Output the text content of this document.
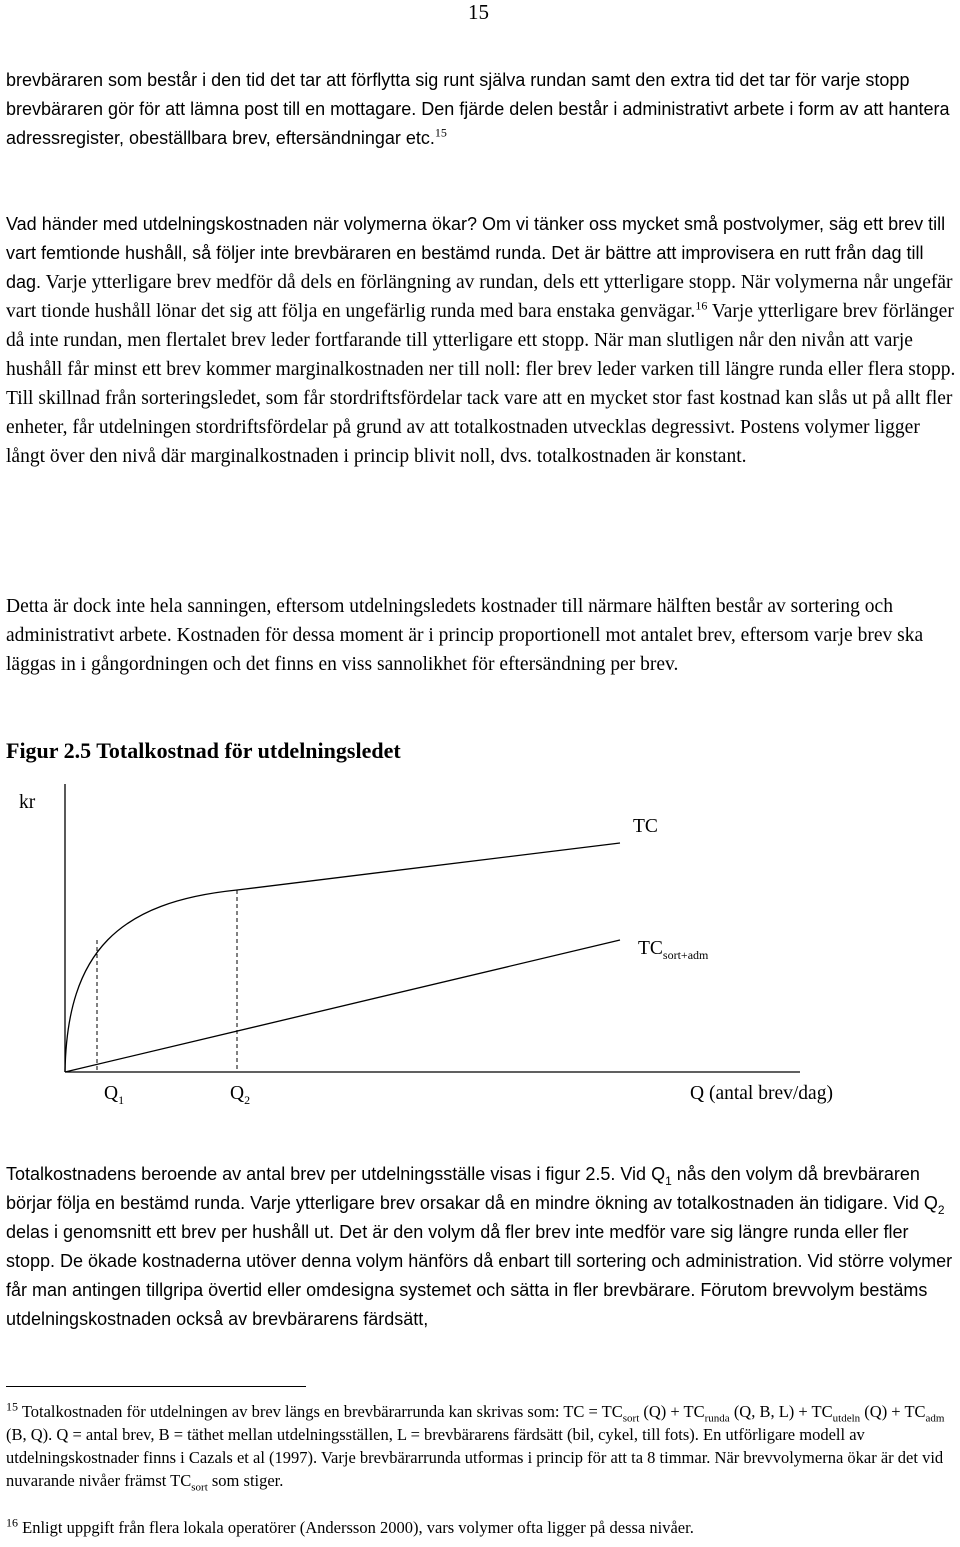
15

brevbäraren som består i den tid det tar att förflytta sig runt själva rundan samt den extra tid det tar för varje stopp brevbäraren gör för att lämna post till en mottagare. Den fjärde delen består i administrativt arbete i form av att hantera adressregister, obeställbara brev, eftersändningar etc.$^{15}$

Vad händer med utdelningskostnaden när volymerna ökar? Om vi tänker oss mycket små postvolymer, säg ett brev till vart femtionde hushåll, så följer inte brevbäraren en bestämd runda. Det är bättre att improvisera en rutt från dag till dag. Varje ytterligare brev medför då dels en förlängning av rundan, dels ett ytterligare stopp. När volymerna når ungefär vart tionde hushåll lönar det sig att följa en ungefärlig runda med bara enstaka genvägar.$^{16}$ Varje ytterligare brev förlänger då inte rundan, men flertalet brev leder fortfarande till ytterligare ett stopp. När man slutligen når den nivån att varje hushåll får minst ett brev kommer marginalkostnaden ner till noll: fler brev leder varken till längre runda eller flera stopp. Till skillnad från sorteringsledet, som får stordriftsfördelar tack vare att en mycket stor fast kostnad kan slås ut på allt fler enheter, får utdelningen stordriftsfördelar på grund av att totalkostnaden utvecklas degressivt. Postens volymer ligger långt över den nivå där marginalkostnaden i princip blivit noll, dvs. totalkostnaden är konstant.

Detta är dock inte hela sanningen, eftersom utdelningsledets kostnader till närmare hälften består av sortering och administrativt arbete. Kostnaden för dessa moment är i princip proportionell mot antalet brev, eftersom varje brev ska läggas in i gångordningen och det finns en viss sannolikhet för eftersändning per brev.

Figur 2.5 Totalkostnad för utdelningsledet
kr
TC
$TC_{sort+adm}$
$Q_1$	$Q_2$	Q (antal brev/dag)

Totalkostnadens beroende av antal brev per utdelningsställe visas i figur 2.5. Vid $Q_1$ nås den volym då brevbäraren börjar följa en bestämd runda. Varje ytterligare brev orsakar då en mindre ökning av totalkostnaden än tidigare. Vid $Q_2$ delas i genomsnitt ett brev per hushåll ut. Det är den volym då fler brev inte medför vare sig längre runda eller fler stopp. De ökade kostnaderna utöver denna volym hänförs då enbart till sortering och administration. Vid större volymer får man antingen tillgripa övertid eller omdesigna systemet och sätta in fler brevbärare. Förutom brevvolym bestäms utdelningskostnaden också av brevbärarens färdsätt,

$^{15}$ Totalkostnaden för utdelningen av brev längs en brevbärarrunda kan skrivas som: TC = $TC_{sort}$ $(Q) + TC_{runda}$ (Q, B, $L) + TC_{utdeln}$ $(Q) + TC_{adm}$ (B, Q). Q = antal brev, B = täthet mellan utdelningsställen, L = brevbärarens färdsätt (bil, cykel, till fots). En utförligare modell av utdelningskostnader finns i Cazals et al (1997). Varje brevbärarrunda utformas i princip för att ta 8 timmar. När brevvolymerna ökar är det vid nuvarande nivåer främst $TC_{sort}$ som stiger.

$^{16}$ Enligt uppgift från flera lokala operatörer (Andersson 2000), vars volymer ofta ligger på dessa nivåer.
